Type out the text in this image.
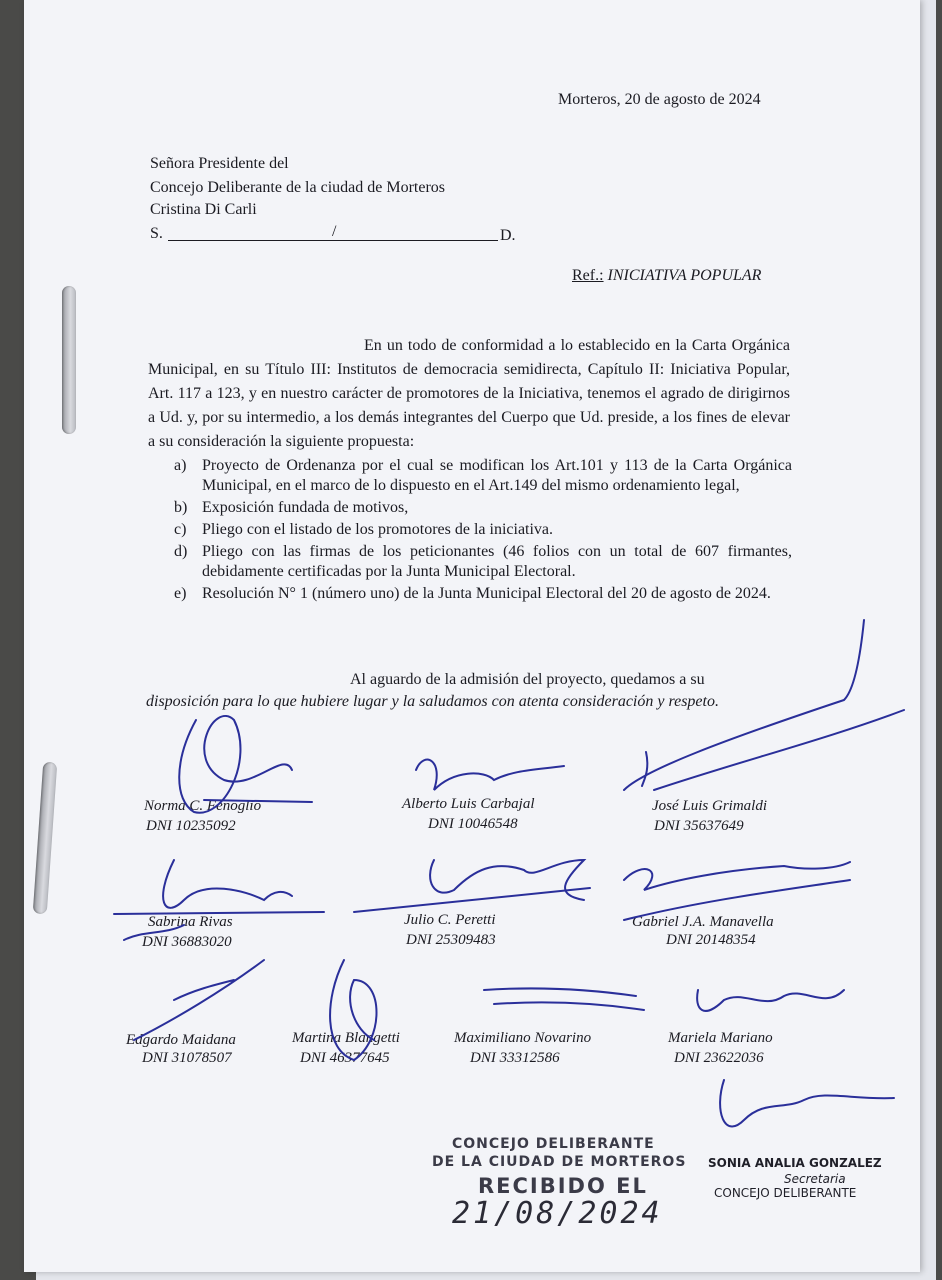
Morteros, 20 de agosto de 2024
Señora Presidente del
Concejo Deliberante de la ciudad de Morteros
Cristina Di Carli
S.	/	D.
Ref.: INICIATIVA POPULAR
En un todo de conformidad a lo establecido en la Carta Orgánica Municipal, en su Título III: Institutos de democracia semidirecta, Capítulo II: Iniciativa Popular, Art. 117 a 123, y en nuestro carácter de promotores de la Iniciativa, tenemos el agrado de dirigirnos a Ud. y, por su intermedio, a los demás integrantes del Cuerpo que Ud. preside, a los fines de elevar a su consideración la siguiente propuesta:
a) Proyecto de Ordenanza por el cual se modifican los Art.101 y 113 de la Carta Orgánica Municipal, en el marco de lo dispuesto en el Art.149 del mismo ordenamiento legal,
b) Exposición fundada de motivos,
c) Pliego con el listado de los promotores de la iniciativa.
d) Pliego con las firmas de los peticionantes (46 folios con un total de 607 firmantes, debidamente certificadas por la Junta Municipal Electoral.
e) Resolución N° 1 (número uno) de la Junta Municipal Electoral del 20 de agosto de 2024.
Al aguardo de la admisión del proyecto, quedamos a su
disposición para lo que hubiere lugar y la saludamos con atenta consideración y respeto.
Norma C. Fenoglio
DNI 10235092
Alberto Luis Carbajal
DNI 10046548
José Luis Grimaldi
DNI 35637649
Sabrina Rivas
DNI 36883020
Julio C. Peretti
DNI 25309483
Gabriel J.A. Manavella
DNI 20148354
Edgardo Maidana
DNI 31078507
Martina Blangetti
DNI 46377645
Maximiliano Novarino
DNI 33312586
Mariela Mariano
DNI 23622036
CONCEJO DELIBERANTE
DE LA CIUDAD DE MORTEROS
RECIBIDO EL
21/08/2024
SONIA ANALIA GONZALEZ
Secretaria
CONCEJO DELIBERANTE
